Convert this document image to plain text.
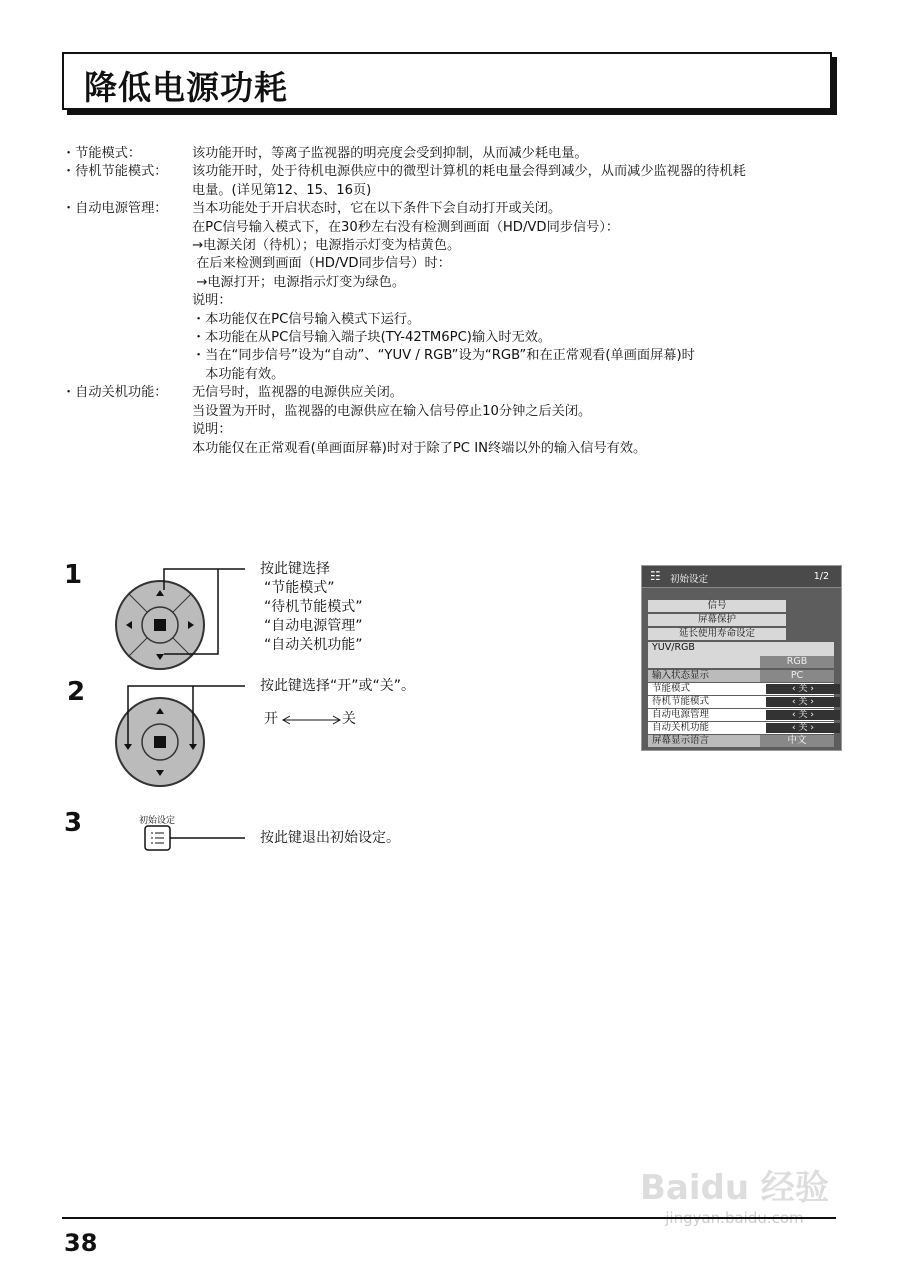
降低电源功耗
・节能模式：	该功能开时，等离子监视器的明亮度会受到抑制，从而减少耗电量。
・待机节能模式：	该功能开时，处于待机电源供应中的微型计算机的耗电量会得到减少，从而减少监视器的待机耗
电量。(详见第12、15、16页)
・自动电源管理：	当本功能处于开启状态时，它在以下条件下会自动打开或关闭。
在PC信号输入模式下，在30秒左右没有检测到画面（HD/VD同步信号）：
→电源关闭（待机）；电源指示灯变为桔黄色。
在后来检测到画面（HD/VD同步信号）时：
→电源打开；电源指示灯变为绿色。
说明：
・本功能仅在PC信号输入模式下运行。
・本功能在从PC信号输入端子块(TY-42TM6PC)输入时无效。
・当在“同步信号”设为“自动”、“YUV / RGB”设为“RGB”和在正常观看(单画面屏幕)时
　本功能有效。
・自动关机功能：	无信号时，监视器的电源供应关闭。
当设置为开时，监视器的电源供应在输入信号停止10分钟之后关闭。
说明：
本功能仅在正常观看(单画面屏幕)时对于除了PC IN终端以外的输入信号有效。
1
2
3
按此键选择
“节能模式”
“待机节能模式”
“自动电源管理”
“自动关机功能”
按此键选择“开”或“关”。
开	关
初始设定
按此键退出初始设定。
☷ 初始设定	1/2
信号
屏幕保护
延长使用寿命设定
YUV/RGB
RGB
输入状态显示	PC
节能模式	‹ 关 ›
待机节能模式	‹ 关 ›
自动电源管理	‹ 关 ›
自动关机功能	‹ 关 ›
屏幕显示语言	中文
Baidu 经验
jingyan.baidu.com
38
